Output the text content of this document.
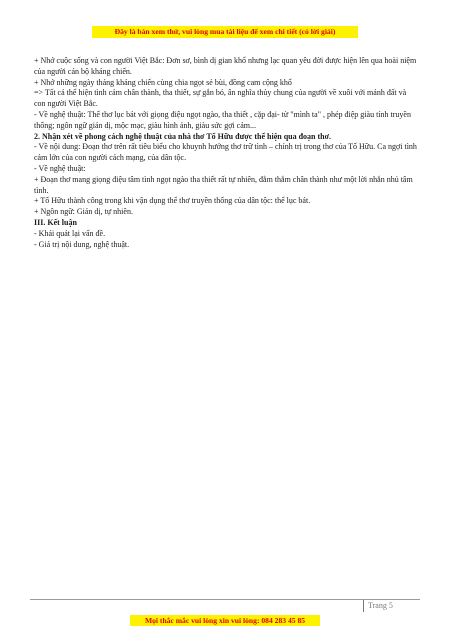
Đây là bản xem thử, vui lòng mua tài liệu để xem chi tiết (có lời giải)

+ Nhớ cuộc sống và con người Việt Bắc: Đơn sơ, bình dị gian khổ nhưng lạc quan yêu đời được hiện lên qua hoài niệm của người cán bộ kháng chiến.

+ Nhớ những ngày tháng kháng chiến cùng chia ngọt sẻ bùi, đồng cam cộng khổ

=> Tất cả thể hiện tình cảm chân thành, tha thiết, sự gắn bó, ân nghĩa thủy chung của người về xuôi với mảnh đất và con người Việt Bắc.

- Về nghệ thuật: Thể thơ lục bát với giọng điệu ngọt ngào, tha thiết , cặp đại- từ "mình ta" , phép điệp giàu tính truyền thống; ngôn ngữ giản dị, mộc mạc, giàu hình ảnh, giàu sức gợi cảm...

2. Nhận xét về phong cách nghệ thuật của nhà thơ Tố Hữu được thể hiện qua đoạn thơ.

- Về nội dung: Đoạn thơ trên rất tiêu biểu cho khuynh hướng thơ trữ tình – chính trị trong thơ của Tố Hữu. Ca ngợi tình cảm lớn của con người cách mạng, của dân tộc.

- Về nghệ thuật:

+ Đoạn thơ mang giọng điệu tâm tình ngọt ngào tha thiết rất tự nhiên, đằm thắm chân thành như một lời nhắn nhủ tâm tình.

+ Tố Hữu thành công trong khi vận dụng thể thơ truyền thống của dân tộc: thể lục bát.

+ Ngôn ngữ: Giản dị, tự nhiên.

III. Kết luận

- Khái quát lại vấn đề.

- Giá trị nội dung, nghệ thuật.

Trang 5
Mọi thắc mắc vui lòng xin vui lòng: 084 283 45 85
